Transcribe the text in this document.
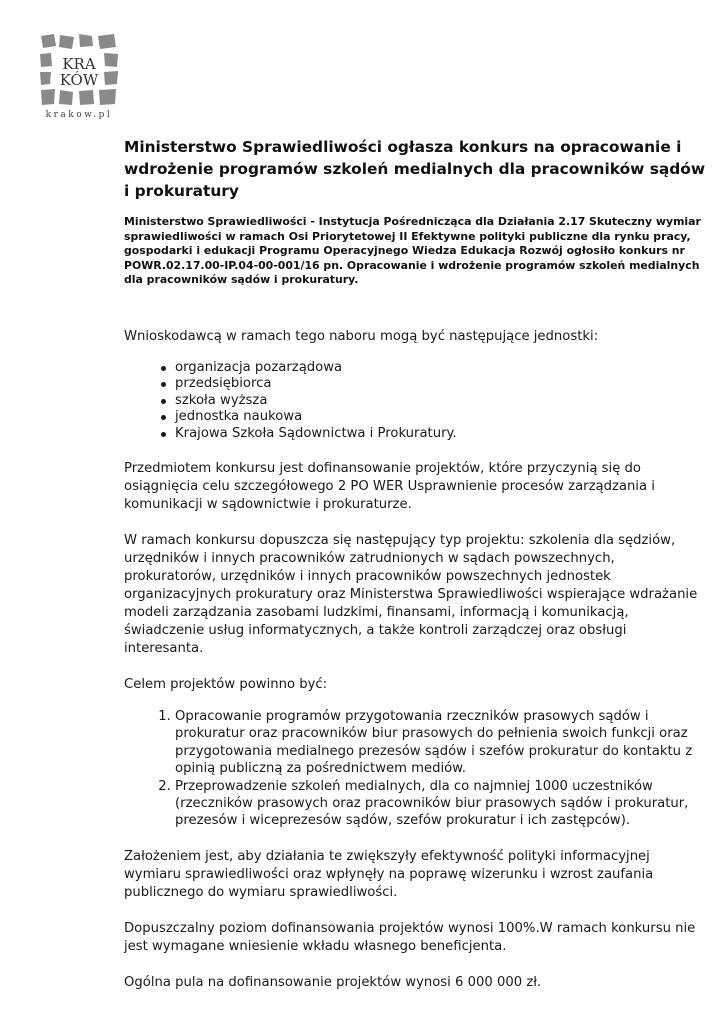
KRA
KÓW
krakow.pl
Ministerstwo Sprawiedliwości ogłasza konkurs na opracowanie i wdrożenie programów szkoleń medialnych dla pracowników sądów i prokuratury
Ministerstwo Sprawiedliwości - Instytucja Pośrednicząca dla Działania 2.17 Skuteczny wymiar sprawiedliwości w ramach Osi Priorytetowej II Efektywne polityki publiczne dla rynku pracy, gospodarki i edukacji Programu Operacyjnego Wiedza Edukacja Rozwój ogłosiło konkurs nr POWR.02.17.00-IP.04-00-001/16 pn. Opracowanie i wdrożenie programów szkoleń medialnych dla pracowników sądów i prokuratury.

Wnioskodawcą w ramach tego naboru mogą być następujące jednostki:

organizacja pozarządowa
przedsiębiorca
szkoła wyższa
jednostka naukowa
Krajowa Szkoła Sądownictwa i Prokuratury.

Przedmiotem konkursu jest dofinansowanie projektów, które przyczynią się do osiągnięcia celu szczegółowego 2 PO WER Usprawnienie procesów zarządzania i komunikacji w sądownictwie i prokuraturze.

W ramach konkursu dopuszcza się następujący typ projektu: szkolenia dla sędziów, urzędników i innych pracowników zatrudnionych w sądach powszechnych, prokuratorów, urzędników i innych pracowników powszechnych jednostek organizacyjnych prokuratury oraz Ministerstwa Sprawiedliwości wspierające wdrażanie modeli zarządzania zasobami ludzkimi, finansami, informacją i komunikacją, świadczenie usług informatycznych, a także kontroli zarządczej oraz obsługi interesanta.

Celem projektów powinno być:

1. Opracowanie programów przygotowania rzeczników prasowych sądów i prokuratur oraz pracowników biur prasowych do pełnienia swoich funkcji oraz przygotowania medialnego prezesów sądów i szefów prokuratur do kontaktu z opinią publiczną za pośrednictwem mediów.
2. Przeprowadzenie szkoleń medialnych, dla co najmniej 1000 uczestników (rzeczników prasowych oraz pracowników biur prasowych sądów i prokuratur, prezesów i wiceprezesów sądów, szefów prokuratur i ich zastępców).

Założeniem jest, aby działania te zwiększyły efektywność polityki informacyjnej wymiaru sprawiedliwości oraz wpłynęły na poprawę wizerunku i wzrost zaufania publicznego do wymiaru sprawiedliwości.

Dopuszczalny poziom dofinansowania projektów wynosi 100%.W ramach konkursu nie jest wymagane wniesienie wkładu własnego beneficjenta.

Ogólna pula na dofinansowanie projektów wynosi 6 000 000 zł.
